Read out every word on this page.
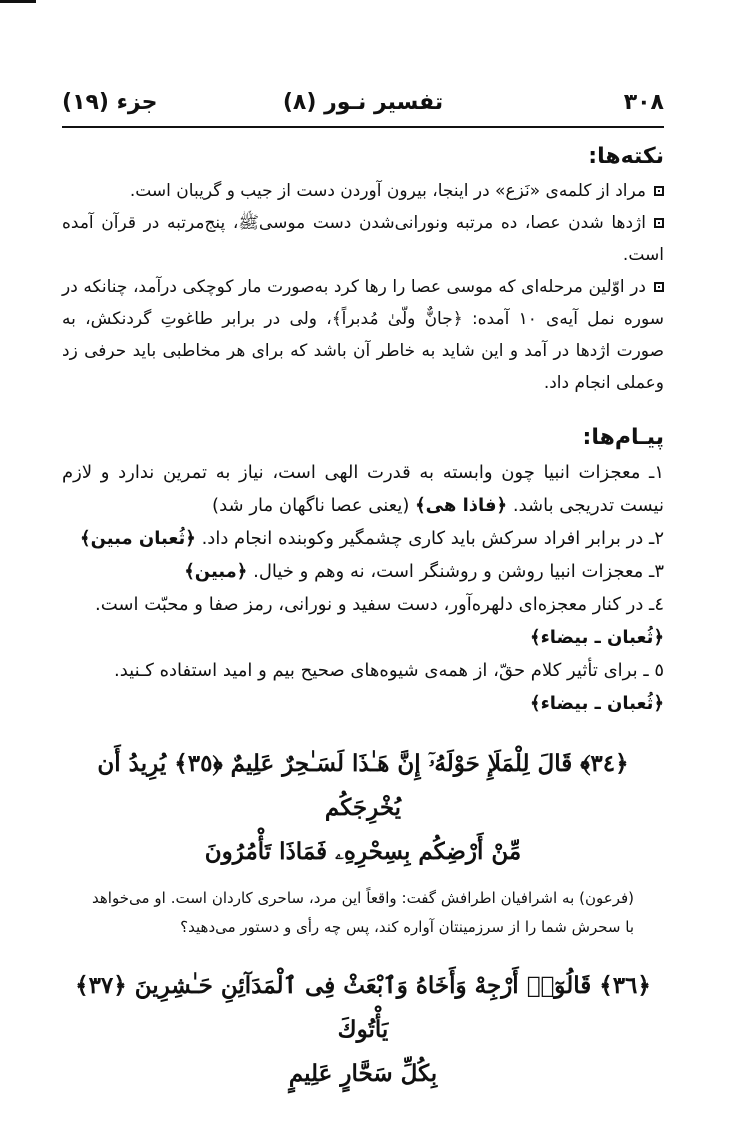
۳۰۸
تفسیر نـور (۸)
جزء (۱۹)
نکته‌ها:
مراد از کلمه‌ی «نَزع» در اینجا، بیرون آوردن دست از جیب و گریبان است.
اژدها شدن عصا، ده مرتبه ونورانی‌شدن دست موسیﷺ، پنج‌مرتبه در قرآن آمده است.
در اوّلین مرحله‌ای که موسی عصا را رها کرد به‌صورت مار کوچکی درآمد، چنانکه در سوره نمل آیه‌ی ۱۰ آمده: ﴿جانٌّ ولّیٰ مُدبراً﴾، ولی در برابر طاغوتِ گردنکش، به صورت اژدها در آمد و این شاید به خاطر آن باشد که برای هر مخاطبی باید حرفی زد وعملی انجام داد.
پیـام‌ها:
۱ـ معجزات انبیا چون وابسته به قدرت الهی است، نیاز به تمرین ندارد و لازم نیست تدریجی باشد. ﴿فاذا هی﴾ (یعنی عصا ناگهان مار شد)
۲ـ در برابر افراد سرکش باید کاری چشمگیر وکوبنده انجام داد. ﴿ثُعبان مبین﴾
۳ـ معجزات انبیا روشن و روشنگر است، نه وهم و خیال. ﴿مبین﴾
٤ـ در کنار معجزه‌ای دلهره‌آور، دست سفید و نورانی، رمز صفا و محبّت است.
﴿ثُعبان ـ بیضاء﴾
٥ ـ برای تأثیر کلام حقّ، از همه‌ی شیوه‌های صحیح بیم و امید استفاده کـنید.
﴿ثُعبان ـ بیضاء﴾
﴿٣٤﴾ قَالَ لِلْمَلَإِ حَوْلَهُۥٓ إِنَّ هَـٰذَا لَسَـٰحِرٌ عَلِيمٌ ﴿٣٥﴾ يُرِيدُ أَن يُخْرِجَكُم
مِّنْ أَرْضِكُم بِسِحْرِهِۦ فَمَاذَا تَأْمُرُونَ
(فرعون) به اشرافیان اطرافش گفت: واقعاً این مرد، ساحری کاردان است. او می‌خواهد با سحرش شما را از سرزمینتان آواره کند، پس چه رأی و دستور می‌دهید؟
﴿٣٦﴾ قَالُوٓا۟ أَرْجِهْ وَأَخَاهُ وَٱبْعَثْ فِى ٱلْمَدَآئِنِ حَـٰشِرِينَ ﴿٣٧﴾ يَأْتُوكَ
بِكُلِّ سَحَّارٍ عَلِيمٍ
